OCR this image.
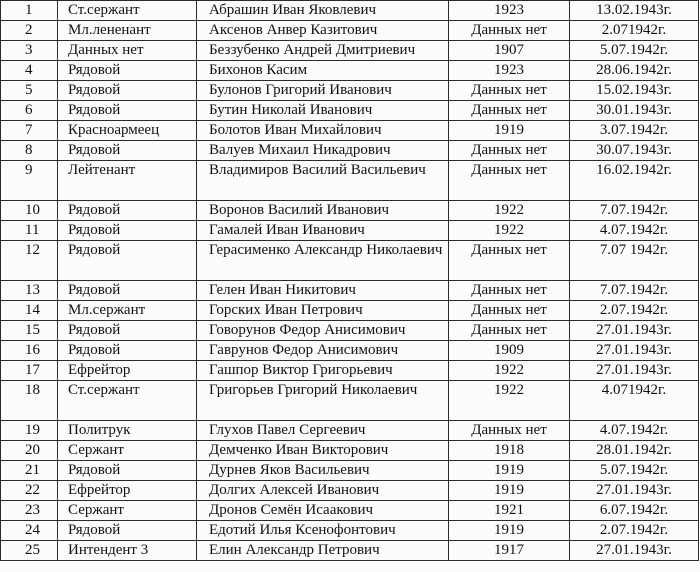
1	Ст.сержант	Абрашин Иван Яковлевич	1923	13.02.1943г.
2	Мл.лененант	Аксенов Анвер Казитович	Данных нет	2.071942г.
3	Данных нет	Беззубенко Андрей Дмитриевич	1907	5.07.1942г.
4	Рядовой	Бихонов Касим	1923	28.06.1942г.
5	Рядовой	Булонов Григорий Иванович	Данных нет	15.02.1943г.
6	Рядовой	Бутин Николай Иванович	Данных нет	30.01.1943г.
7	Красноармеец	Болотов Иван Михайлович	1919	3.07.1942г.
8	Рядовой	Валуев Михаил Никадрович	Данных нет	30.07.1943г.
9	Лейтенант	Владимиров Василий Васильевич	Данных нет	16.02.1942г.
10	Рядовой	Воронов Василий Иванович	1922	7.07.1942г.
11	Рядовой	Гамалей Иван Иванович	1922	4.07.1942г.
12	Рядовой	Герасименко Александр Николаевич	Данных нет	7.07 1942г.
13	Рядовой	Гелен Иван Никитович	Данных нет	7.07.1942г.
14	Мл.сержант	Горских Иван Петрович	Данных нет	2.07.1942г.
15	Рядовой	Говорунов Федор Анисимович	Данных нет	27.01.1943г.
16	Рядовой	Гаврунов Федор Анисимович	1909	27.01.1943г.
17	Ефрейтор	Гашпор Виктор Григорьевич	1922	27.01.1943г.
18	Ст.сержант	Григорьев Григорий Николаевич	1922	4.071942г.
19	Политрук	Глухов Павел Сергеевич	Данных нет	4.07.1942г.
20	Сержант	Демченко Иван Викторович	1918	28.01.1942г.
21	Рядовой	Дурнев Яков Васильевич	1919	5.07.1942г.
22	Ефрейтор	Долгих Алексей Иванович	1919	27.01.1943г.
23	Сержант	Дронов Семён Исаакович	1921	6.07.1942г.
24	Рядовой	Едотий Илья Ксенофонтович	1919	2.07.1942г.
25	Интендент 3	Елин Александр Петрович	1917	27.01.1943г.
